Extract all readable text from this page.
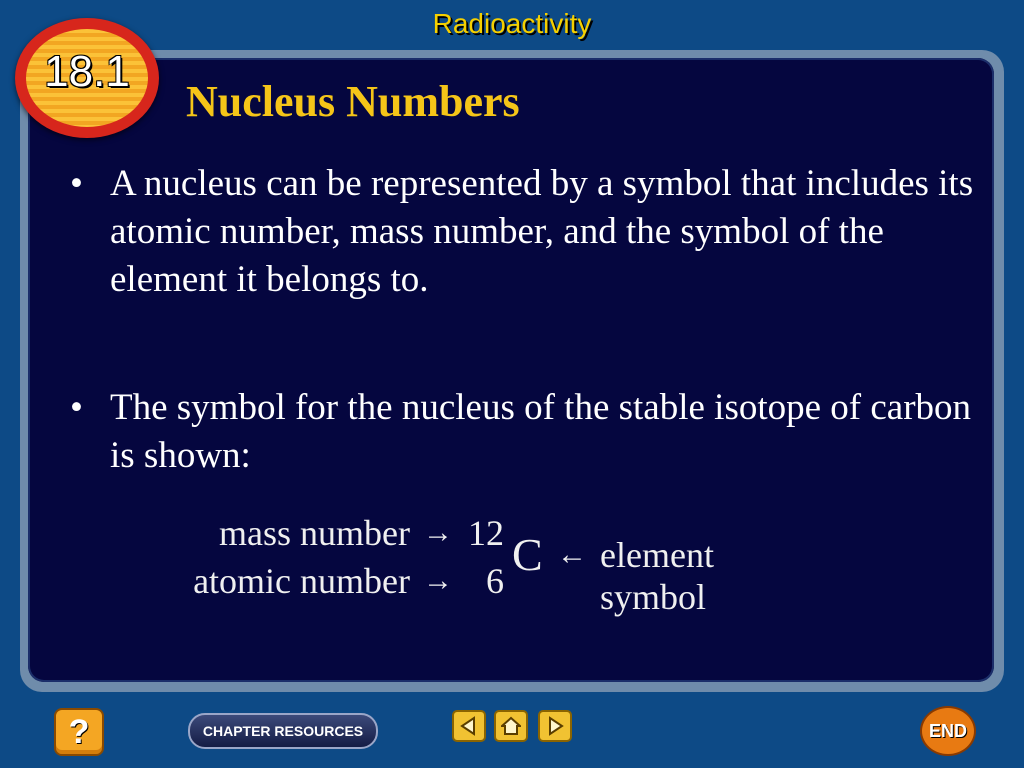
Radioactivity
18.1
Nucleus Numbers
• A nucleus can be represented by a symbol that includes its atomic number, mass number, and the symbol of the element it belongs to.
• The symbol for the nucleus of the stable isotope of carbon is shown:
mass number → 12
atomic number → 6
C ← element symbol
?	CHAPTER RESOURCES	END
